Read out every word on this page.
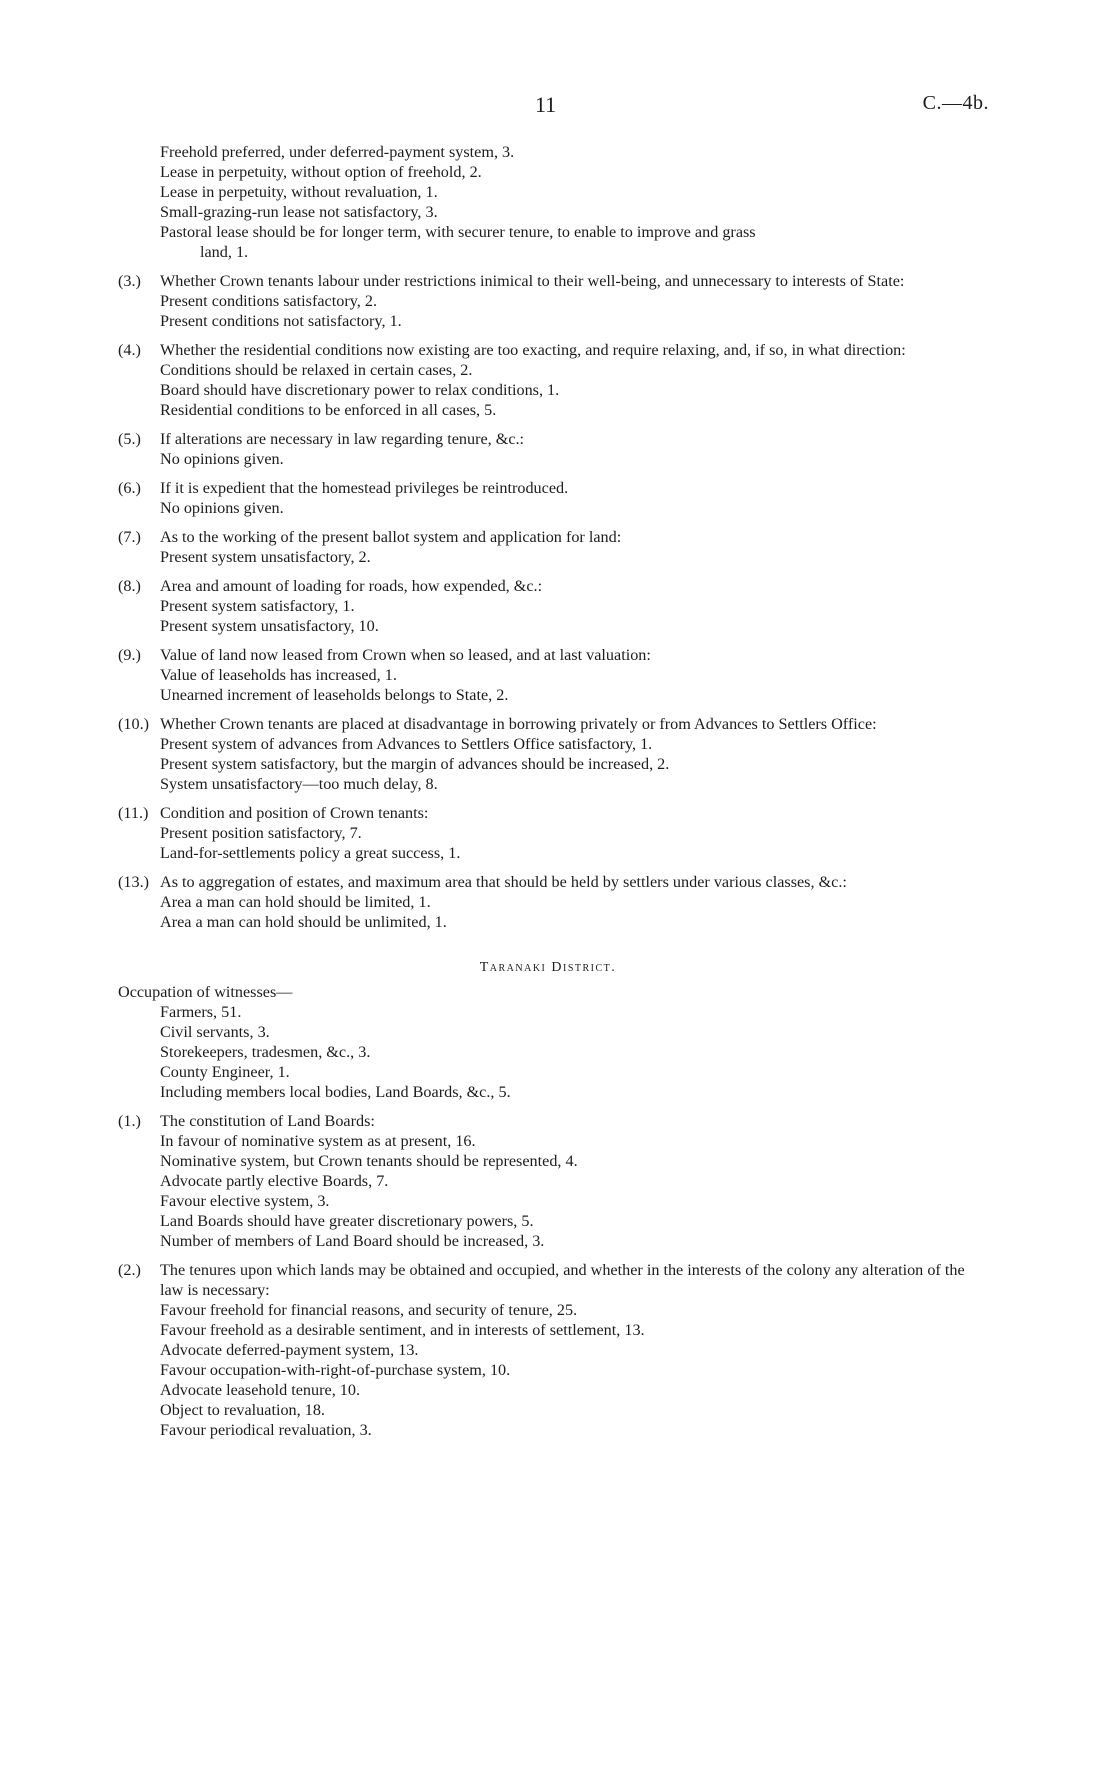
11	C.—4b.
Freehold preferred, under deferred-payment system, 3.
Lease in perpetuity, without option of freehold, 2.
Lease in perpetuity, without revaluation, 1.
Small-grazing-run lease not satisfactory, 3.
Pastoral lease should be for longer term, with securer tenure, to enable to improve and grass
land, 1.
(3.) Whether Crown tenants labour under restrictions inimical to their well-being, and unnecessary to interests of State:
Present conditions satisfactory, 2.
Present conditions not satisfactory, 1.
(4.) Whether the residential conditions now existing are too exacting, and require relaxing, and, if so, in what direction:
Conditions should be relaxed in certain cases, 2.
Board should have discretionary power to relax conditions, 1.
Residential conditions to be enforced in all cases, 5.
(5.) If alterations are necessary in law regarding tenure, &c.:
No opinions given.
(6.) If it is expedient that the homestead privileges be reintroduced.
No opinions given.
(7.) As to the working of the present ballot system and application for land:
Present system unsatisfactory, 2.
(8.) Area and amount of loading for roads, how expended, &c.:
Present system satisfactory, 1.
Present system unsatisfactory, 10.
(9.) Value of land now leased from Crown when so leased, and at last valuation:
Value of leaseholds has increased, 1.
Unearned increment of leaseholds belongs to State, 2.
(10.) Whether Crown tenants are placed at disadvantage in borrowing privately or from Advances to Settlers Office:
Present system of advances from Advances to Settlers Office satisfactory, 1.
Present system satisfactory, but the margin of advances should be increased, 2.
System unsatisfactory—too much delay, 8.
(11.) Condition and position of Crown tenants:
Present position satisfactory, 7.
Land-for-settlements policy a great success, 1.
(13.) As to aggregation of estates, and maximum area that should be held by settlers under various classes, &c.:
Area a man can hold should be limited, 1.
Area a man can hold should be unlimited, 1.
Taranaki District.
Occupation of witnesses—
Farmers, 51.
Civil servants, 3.
Storekeepers, tradesmen, &c., 3.
County Engineer, 1.
Including members local bodies, Land Boards, &c., 5.
(1.) The constitution of Land Boards:
In favour of nominative system as at present, 16.
Nominative system, but Crown tenants should be represented, 4.
Advocate partly elective Boards, 7.
Favour elective system, 3.
Land Boards should have greater discretionary powers, 5.
Number of members of Land Board should be increased, 3.
(2.) The tenures upon which lands may be obtained and occupied, and whether in the interests of the colony any alteration of the law is necessary:
Favour freehold for financial reasons, and security of tenure, 25.
Favour freehold as a desirable sentiment, and in interests of settlement, 13.
Advocate deferred-payment system, 13.
Favour occupation-with-right-of-purchase system, 10.
Advocate leasehold tenure, 10.
Object to revaluation, 18.
Favour periodical revaluation, 3.
